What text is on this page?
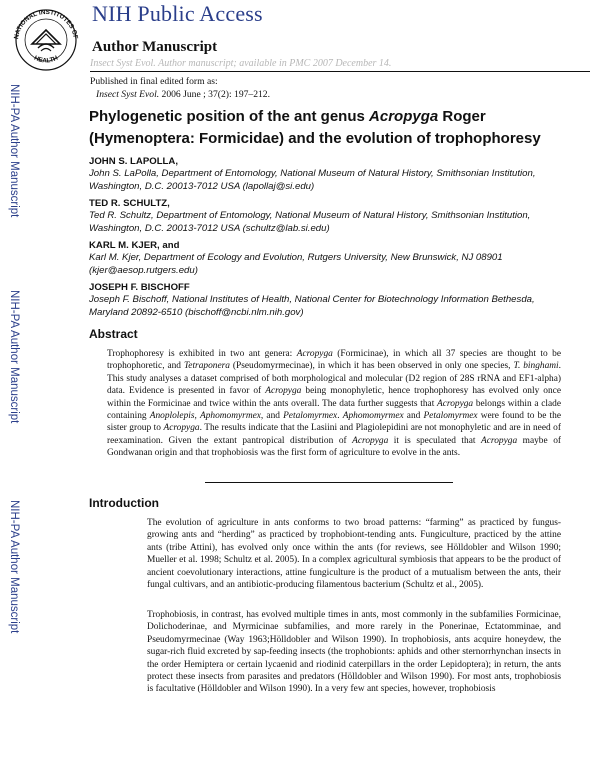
NATIONAL INSTITUTES OF
HEALTH
NIH Public Access
Author Manuscript
Insect Syst Evol. Author manuscript; available in PMC 2007 December 14.
Published in final edited form as:
Insect Syst Evol. 2006 June ; 37(2): 197–212.
NIH-PA Author Manuscript
NIH-PA Author Manuscript
NIH-PA Author Manuscript
Phylogenetic position of the ant genus Acropyga Roger (Hymenoptera: Formicidae) and the evolution of trophophoresy
JOHN S. LAPOLLA,
John S. LaPolla, Department of Entomology, National Museum of Natural History, Smithsonian Institution, Washington, D.C. 20013-7012 USA (lapollaj@si.edu)
TED R. SCHULTZ,
Ted R. Schultz, Department of Entomology, National Museum of Natural History, Smithsonian Institution, Washington, D.C. 20013-7012 USA (schultz@lab.si.edu)
KARL M. KJER, and
Karl M. Kjer, Department of Ecology and Evolution, Rutgers University, New Brunswick, NJ 08901 (kjer@aesop.rutgers.edu)
JOSEPH F. BISCHOFF
Joseph F. Bischoff, National Institutes of Health, National Center for Biotechnology Information Bethesda, Maryland 20892-6510 (bischoff@ncbi.nlm.nih.gov)
Abstract
Trophophoresy is exhibited in two ant genera: Acropyga (Formicinae), in which all 37 species are thought to be trophophoretic, and Tetraponera (Pseudomyrmecinae), in which it has been observed in only one species, T. binghami. This study analyses a dataset comprised of both morphological and molecular (D2 region of 28S rRNA and EF1-alpha) data. Evidence is presented in favor of Acropyga being monophyletic, hence trophophoresy has evolved only once within the Formicinae and twice within the ants overall. The data further suggests that Acropyga belongs within a clade containing Anoplolepis, Aphomomyrmex, and Petalomyrmex. Aphomomyrmex and Petalomyrmex were found to be the sister group to Acropyga. The results indicate that the Lasiini and Plagiolepidini are not monophyletic and are in need of reexamination. Given the extant pantropical distribution of Acropyga it is speculated that Acropyga maybe of Gondwanan origin and that trophobiosis was the first form of agriculture to evolve in the ants.
Introduction
The evolution of agriculture in ants conforms to two broad patterns: “farming” as practiced by fungus-growing ants and “herding” as practiced by trophobiont-tending ants. Fungiculture, practiced by the attine ants (tribe Attini), has evolved only once within the ants (for reviews, see Hölldobler and Wilson 1990; Mueller et al. 1998; Schultz et al. 2005). In a complex agricultural symbiosis that appears to be the product of ancient coevolutionary interactions, attine fungiculture is the product of a mutualism between the ants, their fungal cultivars, and an antibiotic-producing filamentous bacterium (Schultz et al., 2005).
Trophobiosis, in contrast, has evolved multiple times in ants, most commonly in the subfamilies Formicinae, Dolichoderinae, and Myrmicinae subfamilies, and more rarely in the Ponerinae, Ectatomminae, and Pseudomyrmecinae (Way 1963;Hölldobler and Wilson 1990). In trophobiosis, ants acquire honeydew, the sugar-rich fluid excreted by sap-feeding insects (the trophobionts: aphids and other sternorrhynchan insects in the order Hemiptera or certain lycaenid and riodinid caterpillars in the order Lepidoptera); in return, the ants protect these insects from parasites and predators (Hölldobler and Wilson 1990). For most ants, trophobiosis is facultative (Hölldobler and Wilson 1990). In a very few ant species, however, trophobiosis
